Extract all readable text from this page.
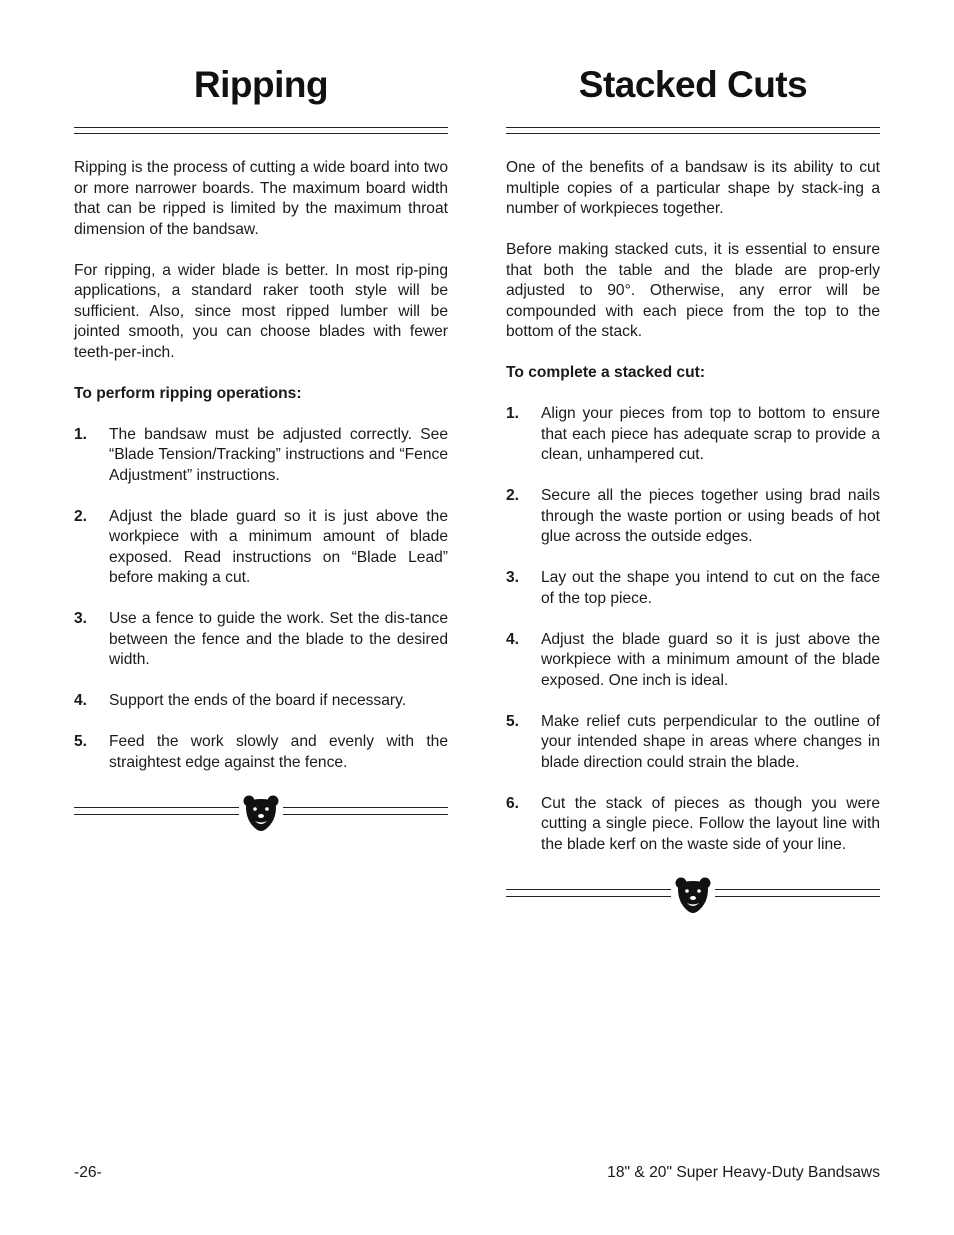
Ripping

Ripping is the process of cutting a wide board into two or more narrower boards. The maximum board width that can be ripped is limited by the maximum throat dimension of the bandsaw.

For ripping, a wider blade is better. In most rip-ping applications, a standard raker tooth style will be sufficient. Also, since most ripped lumber will be jointed smooth, you can choose blades with fewer teeth-per-inch.

To perform ripping operations:

1.	The bandsaw must be adjusted correctly. See “Blade Tension/Tracking” instructions and “Fence Adjustment” instructions.
2.	Adjust the blade guard so it is just above the workpiece with a minimum amount of blade exposed. Read instructions on “Blade Lead” before making a cut.
3.	Use a fence to guide the work. Set the dis-tance between the fence and the blade to the desired width.
4.	Support the ends of the board if necessary.
5.	Feed the work slowly and evenly with the straightest edge against the fence.
Stacked Cuts

One of the benefits of a bandsaw is its ability to cut multiple copies of a particular shape by stack-ing a number of workpieces together.

Before making stacked cuts, it is essential to ensure that both the table and the blade are prop-erly adjusted to 90°. Otherwise, any error will be compounded with each piece from the top to the bottom of the stack.

To complete a stacked cut:

1.	Align your pieces from top to bottom to ensure that each piece has adequate scrap to provide a clean, unhampered cut.
2.	Secure all the pieces together using brad nails through the waste portion or using beads of hot glue across the outside edges.
3.	Lay out the shape you intend to cut on the face of the top piece.
4.	Adjust the blade guard so it is just above the workpiece with a minimum amount of the blade exposed. One inch is ideal.
5.	Make relief cuts perpendicular to the outline of your intended shape in areas where changes in blade direction could strain the blade.
6.	Cut the stack of pieces as though you were cutting a single piece. Follow the layout line with the blade kerf on the waste side of your line.
-26-	18" & 20" Super Heavy-Duty Bandsaws
